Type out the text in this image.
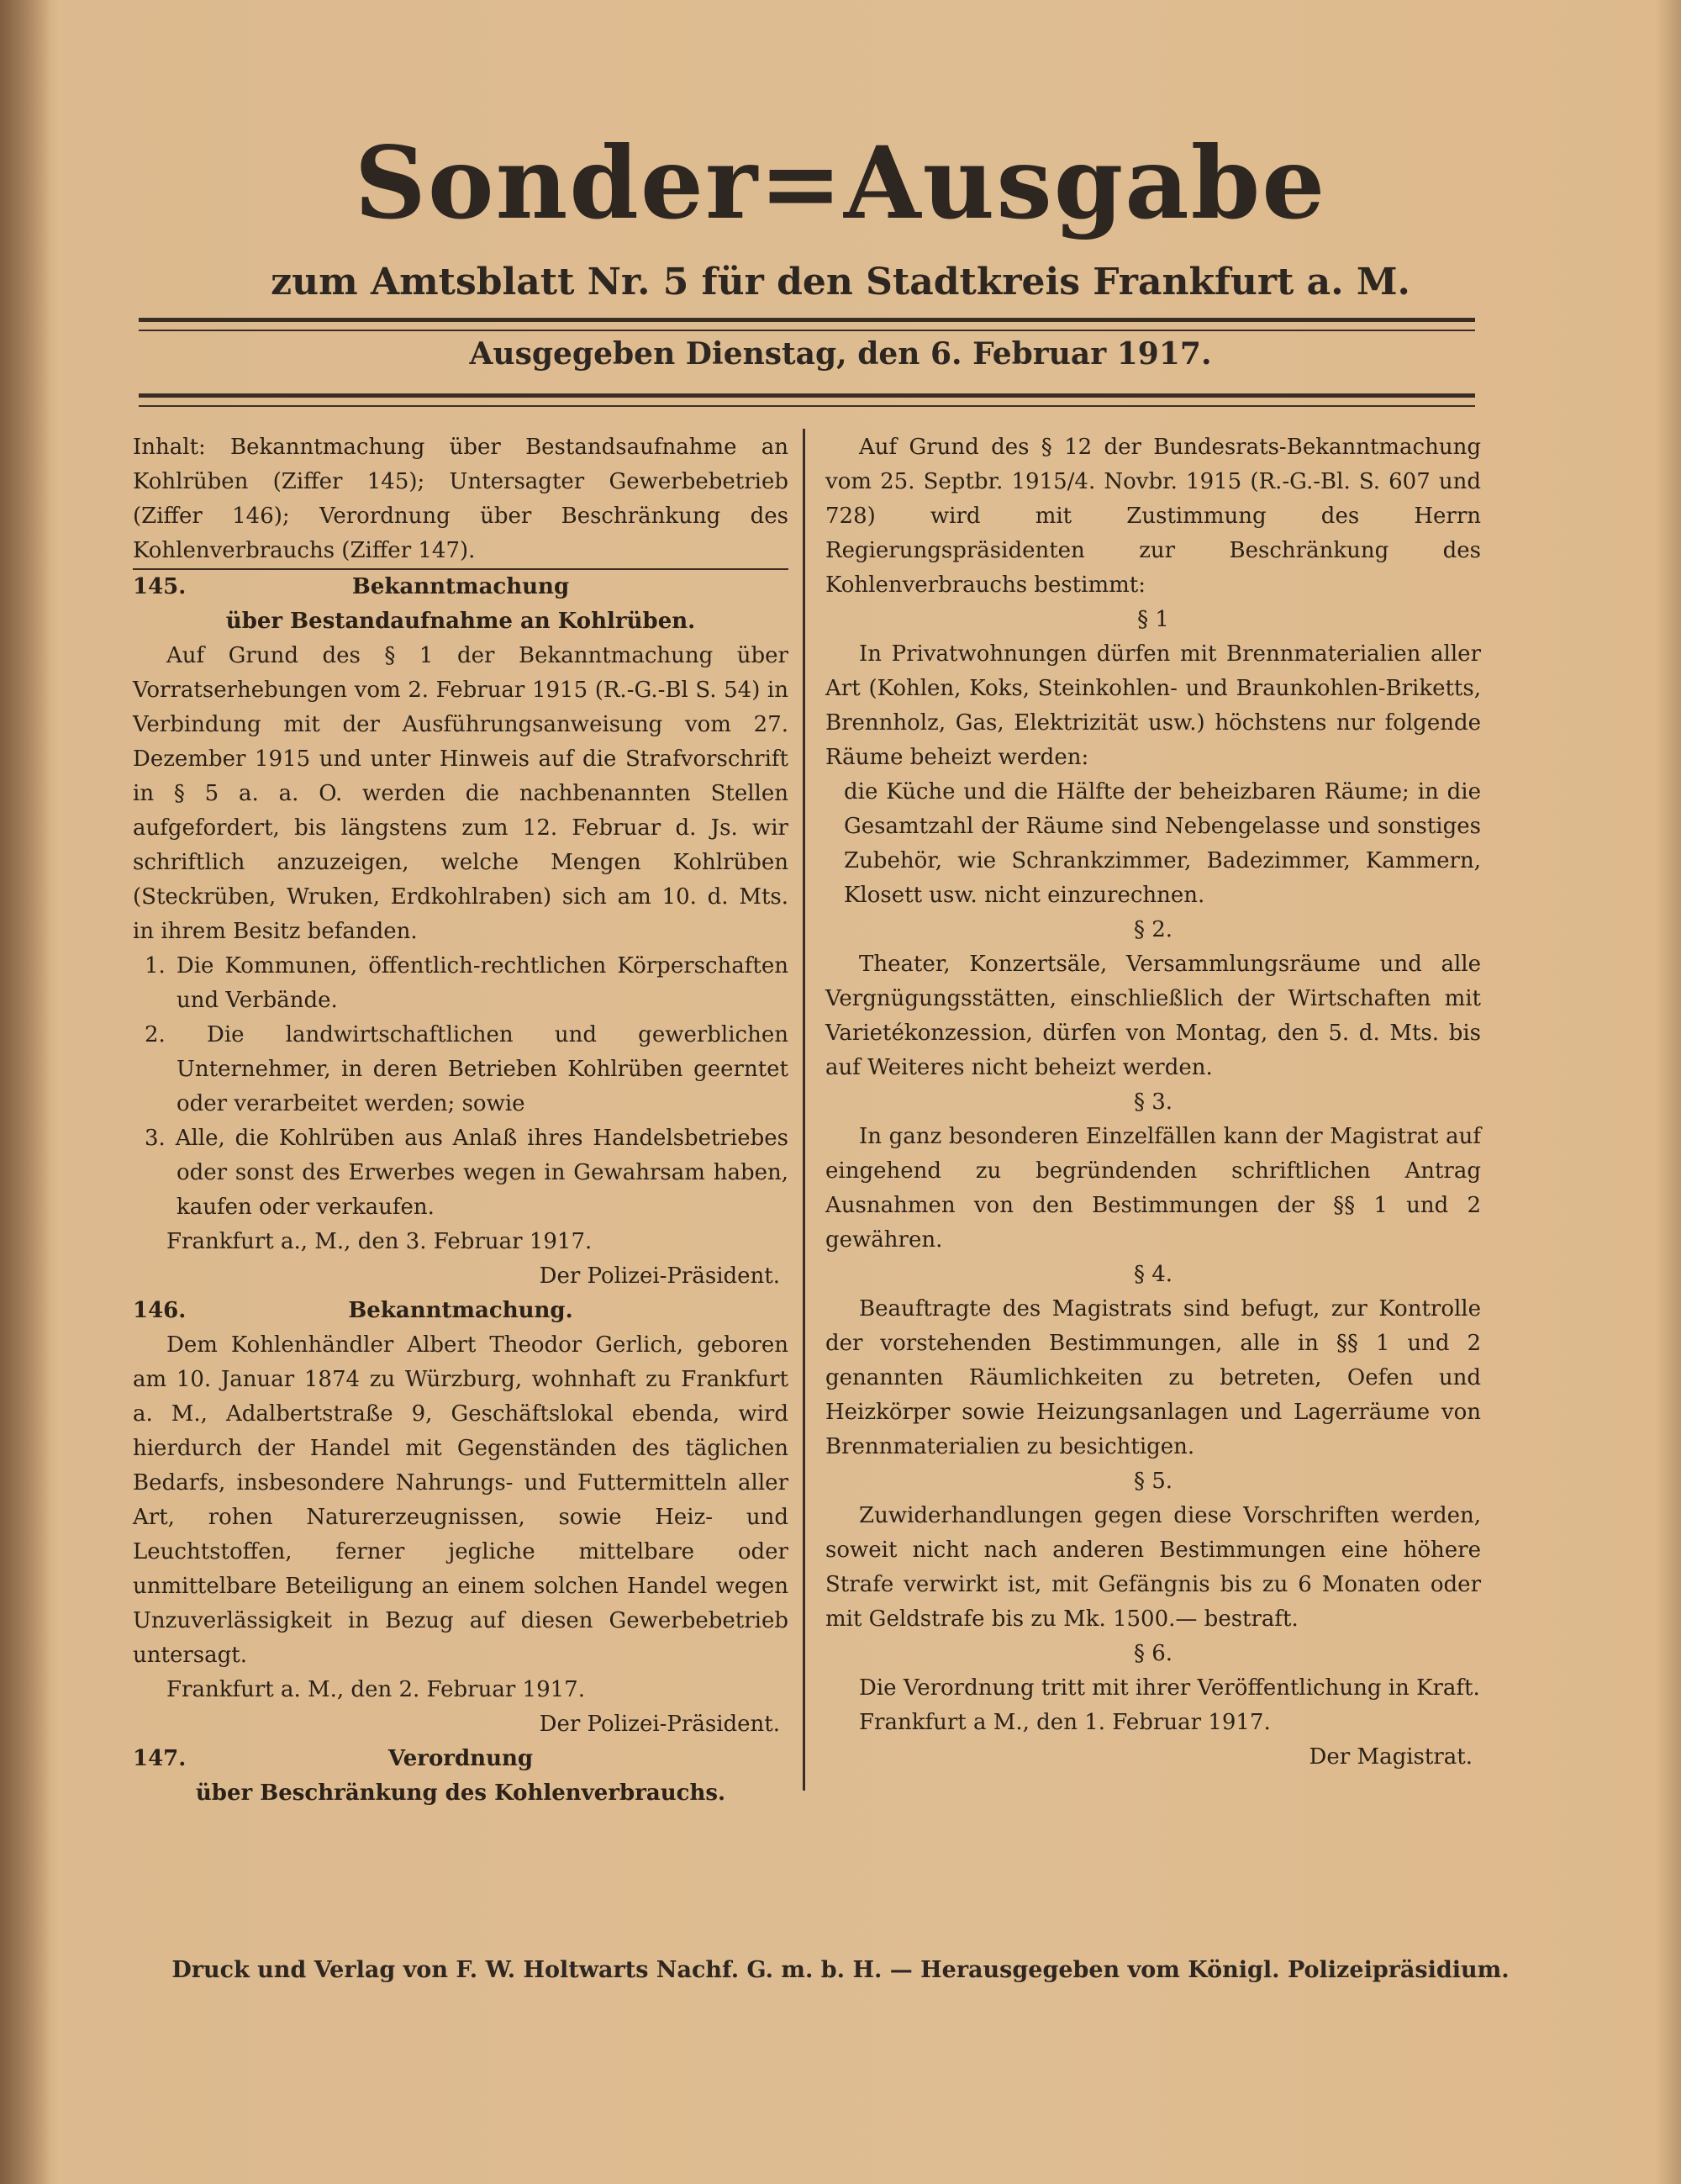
Sonder=Ausgabe
zum Amtsblatt Nr. 5 für den Stadtkreis Frankfurt a. M.
Ausgegeben Dienstag, den 6. Februar 1917.

Inhalt: Bekanntmachung über Bestandsaufnahme an Kohlrüben (Ziffer 145); Untersagter Gewerbebetrieb (Ziffer 146); Verordnung über Beschränkung des Kohlenverbrauchs (Ziffer 147).

145.	Bekanntmachung
über Bestandaufnahme an Kohlrüben.

Auf Grund des § 1 der Bekanntmachung über Vorratserhebungen vom 2. Februar 1915 (R.-G.-Bl S. 54) in Verbindung mit der Ausführungsanweisung vom 27. Dezember 1915 und unter Hinweis auf die Strafvorschrift in § 5 a. a. O. werden die nachbenannten Stellen aufgefordert, bis längstens zum 12. Februar d. Js. wir schriftlich anzuzeigen, welche Mengen Kohlrüben (Steckrüben, Wruken, Erdkohlraben) sich am 10. d. Mts. in ihrem Besitz befanden.

1. Die Kommunen, öffentlich-rechtlichen Körperschaften und Verbände.

2. Die landwirtschaftlichen und gewerblichen Unternehmer, in deren Betrieben Kohlrüben geerntet oder verarbeitet werden; sowie

3. Alle, die Kohlrüben aus Anlaß ihres Handelsbetriebes oder sonst des Erwerbes wegen in Gewahrsam haben, kaufen oder verkaufen.

Frankfurt a., M., den 3. Februar 1917.

Der Polizei-Präsident.

146.	Bekanntmachung.

Dem Kohlenhändler Albert Theodor Gerlich, geboren am 10. Januar 1874 zu Würzburg, wohnhaft zu Frankfurt a. M., Adalbertstraße 9, Geschäftslokal ebenda, wird hierdurch der Handel mit Gegenständen des täglichen Bedarfs, insbesondere Nahrungs- und Futtermitteln aller Art, rohen Naturerzeugnissen, sowie Heiz- und Leuchtstoffen, ferner jegliche mittelbare oder unmittelbare Beteiligung an einem solchen Handel wegen Unzuverlässigkeit in Bezug auf diesen Gewerbebetrieb untersagt.

Frankfurt a. M., den 2. Februar 1917.

Der Polizei-Präsident.

147.	Verordnung
über Beschränkung des Kohlenverbrauchs.

Auf Grund des § 12 der Bundesrats-Bekanntmachung vom 25. Septbr. 1915/4. Novbr. 1915 (R.-G.-Bl. S. 607 und 728) wird mit Zustimmung des Herrn Regierungspräsidenten zur Beschränkung des Kohlenverbrauchs bestimmt:

§ 1

In Privatwohnungen dürfen mit Brennmaterialien aller Art (Kohlen, Koks, Steinkohlen- und Braunkohlen-Briketts, Brennholz, Gas, Elektrizität usw.) höchstens nur folgende Räume beheizt werden:

die Küche und die Hälfte der beheizbaren Räume; in die Gesamtzahl der Räume sind Nebengelasse und sonstiges Zubehör, wie Schrankzimmer, Badezimmer, Kammern, Klosett usw. nicht einzurechnen.

§ 2.

Theater, Konzertsäle, Versammlungsräume und alle Vergnügungsstätten, einschließlich der Wirtschaften mit Varietékonzession, dürfen von Montag, den 5. d. Mts. bis auf Weiteres nicht beheizt werden.

§ 3.

In ganz besonderen Einzelfällen kann der Magistrat auf eingehend zu begründenden schriftlichen Antrag Ausnahmen von den Bestimmungen der §§ 1 und 2 gewähren.

§ 4.

Beauftragte des Magistrats sind befugt, zur Kontrolle der vorstehenden Bestimmungen, alle in §§ 1 und 2 genannten Räumlichkeiten zu betreten, Oefen und Heizkörper sowie Heizungsanlagen und Lagerräume von Brennmaterialien zu besichtigen.

§ 5.

Zuwiderhandlungen gegen diese Vorschriften werden, soweit nicht nach anderen Bestimmungen eine höhere Strafe verwirkt ist, mit Gefängnis bis zu 6 Monaten oder mit Geldstrafe bis zu Mk. 1500.— bestraft.

§ 6.

Die Verordnung tritt mit ihrer Veröffentlichung in Kraft.

Frankfurt a M., den 1. Februar 1917.

Der Magistrat.

Druck und Verlag von F. W. Holtwarts Nachf. G. m. b. H. — Herausgegeben vom Königl. Polizeipräsidium.
